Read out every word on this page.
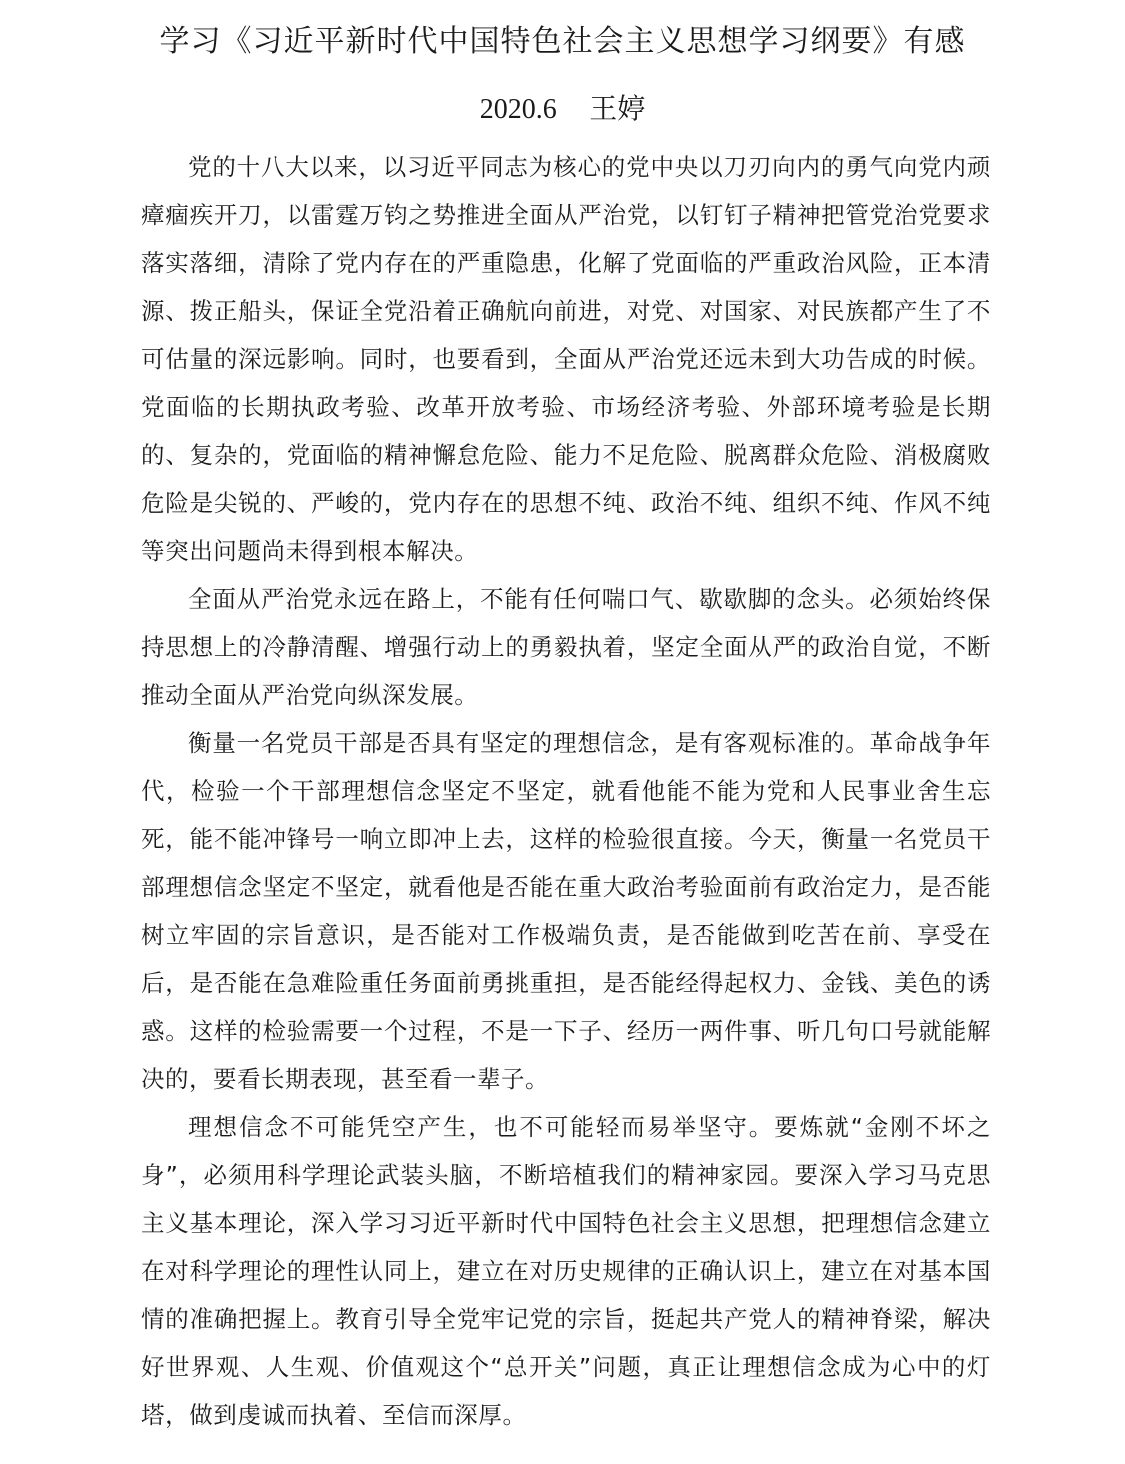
学习《习近平新时代中国特色社会主义思想学习纲要》有感
2020.6 王婷

党的十八大以来，以习近平同志为核心的党中央以刀刃向内的勇气向党内顽瘴痼疾开刀，以雷霆万钧之势推进全面从严治党，以钉钉子精神把管党治党要求落实落细，清除了党内存在的严重隐患，化解了党面临的严重政治风险，正本清源、拨正船头，保证全党沿着正确航向前进，对党、对国家、对民族都产生了不可估量的深远影响。同时，也要看到，全面从严治党还远未到大功告成的时候。党面临的长期执政考验、改革开放考验、市场经济考验、外部环境考验是长期的、复杂的，党面临的精神懈怠危险、能力不足危险、脱离群众危险、消极腐败危险是尖锐的、严峻的，党内存在的思想不纯、政治不纯、组织不纯、作风不纯等突出问题尚未得到根本解决。

全面从严治党永远在路上，不能有任何喘口气、歇歇脚的念头。必须始终保持思想上的冷静清醒、增强行动上的勇毅执着，坚定全面从严的政治自觉，不断推动全面从严治党向纵深发展。

衡量一名党员干部是否具有坚定的理想信念，是有客观标准的。革命战争年代，检验一个干部理想信念坚定不坚定，就看他能不能为党和人民事业舍生忘死，能不能冲锋号一响立即冲上去，这样的检验很直接。今天，衡量一名党员干部理想信念坚定不坚定，就看他是否能在重大政治考验面前有政治定力，是否能树立牢固的宗旨意识，是否能对工作极端负责，是否能做到吃苦在前、享受在后，是否能在急难险重任务面前勇挑重担，是否能经得起权力、金钱、美色的诱惑。这样的检验需要一个过程，不是一下子、经历一两件事、听几句口号就能解决的，要看长期表现，甚至看一辈子。

理想信念不可能凭空产生，也不可能轻而易举坚守。要炼就“金刚不坏之身”，必须用科学理论武装头脑，不断培植我们的精神家园。要深入学习马克思主义基本理论，深入学习习近平新时代中国特色社会主义思想，把理想信念建立在对科学理论的理性认同上，建立在对历史规律的正确认识上，建立在对基本国情的准确把握上。教育引导全党牢记党的宗旨，挺起共产党人的精神脊梁，解决好世界观、人生观、价值观这个“总开关”问题，真正让理想信念成为心中的灯塔，做到虔诚而执着、至信而深厚。
